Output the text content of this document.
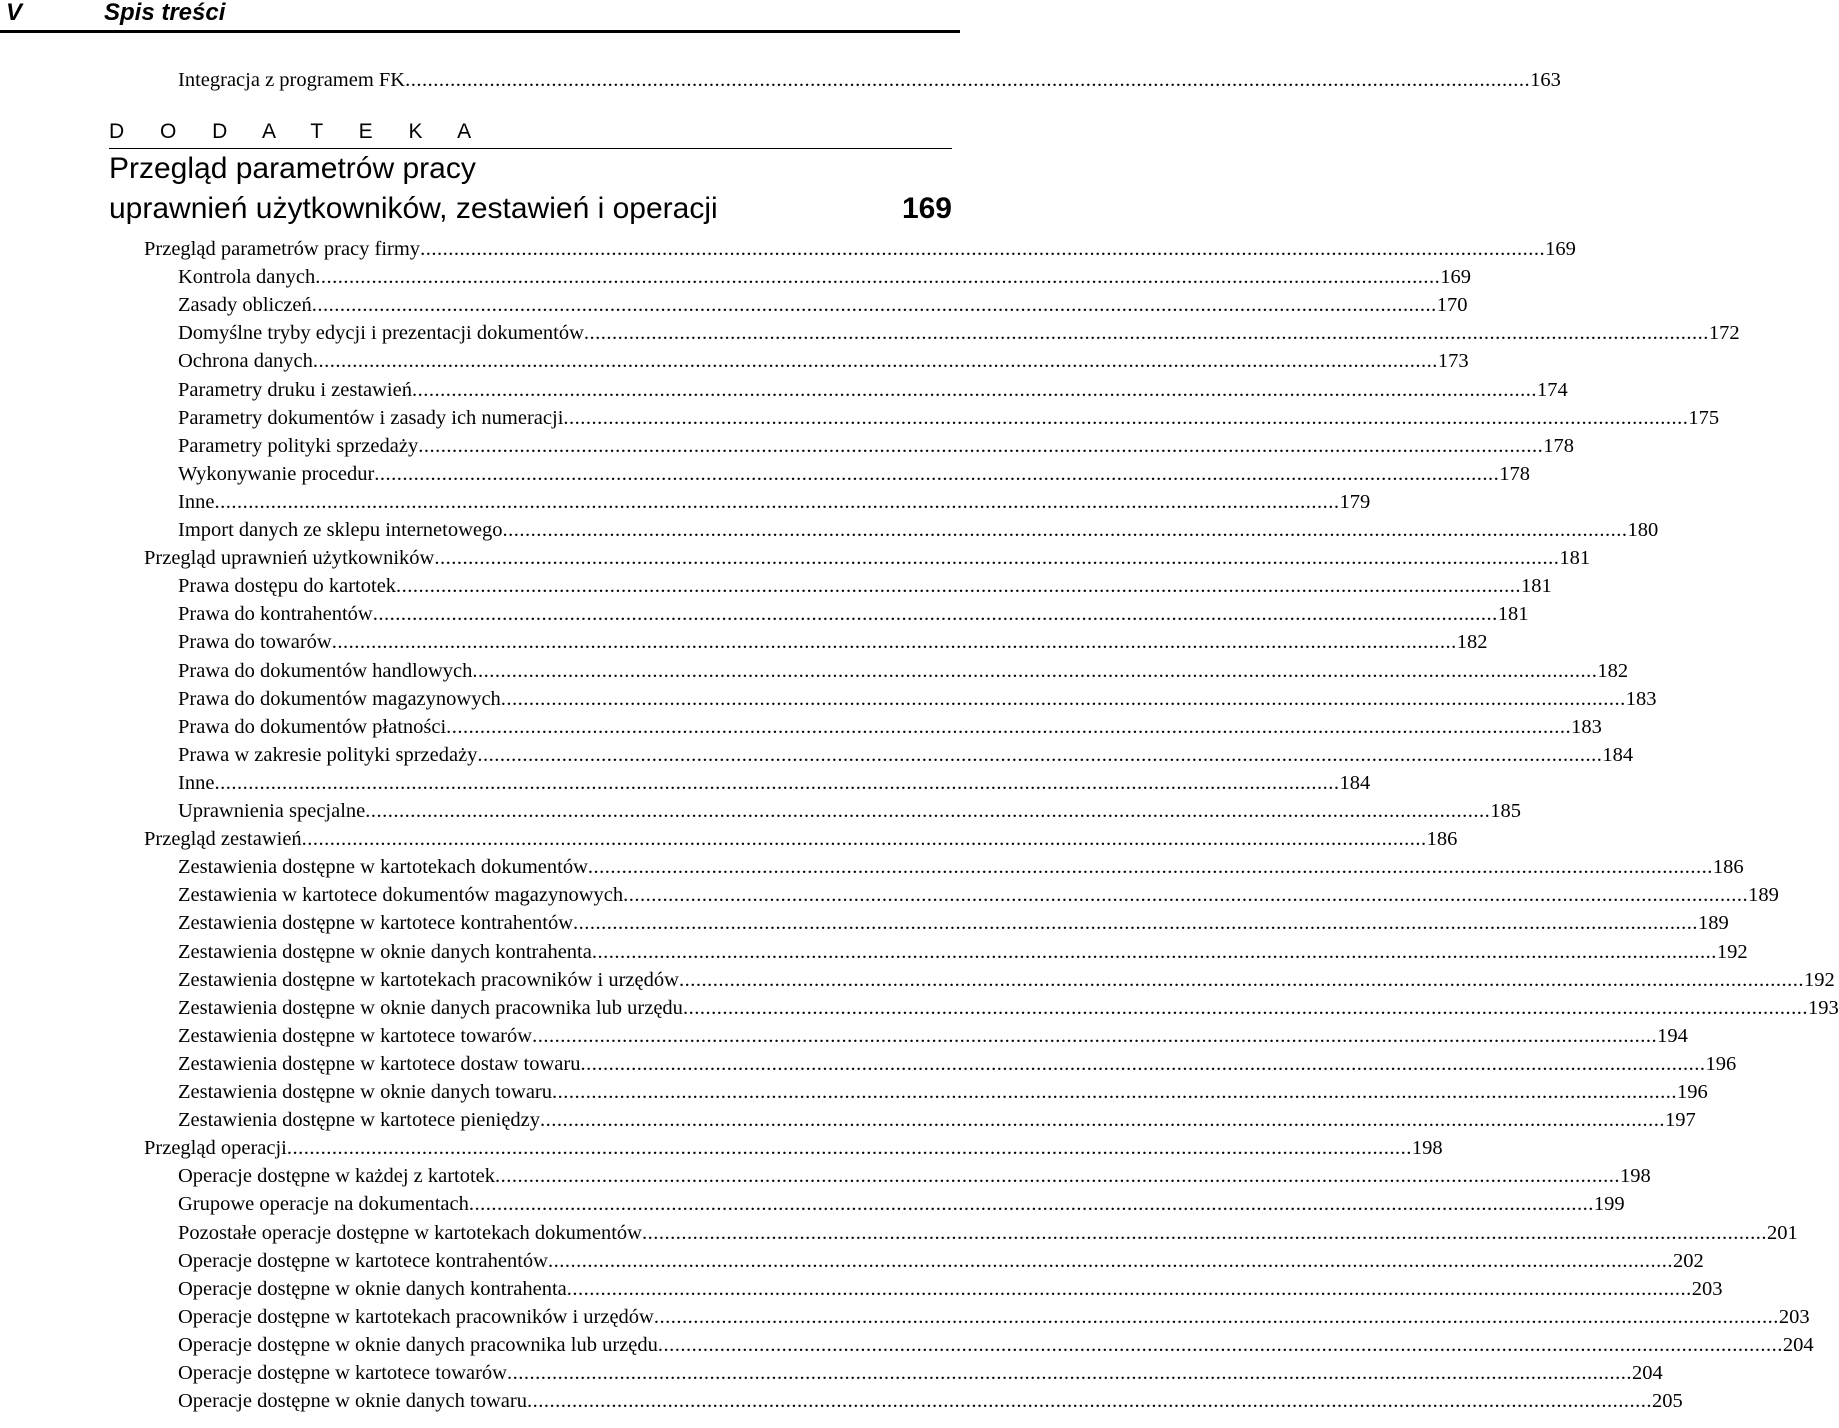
V	Spis treści
Integracja z programem FK ........................................................................................................................................................................................................ 163
D O D A T E K A
Przegląd parametrów pracy
uprawnień użytkowników, zestawień i operacji	169
Przegląd parametrów pracy firmy ........................................................................................................................................................................................................ 169
Kontrola danych ........................................................................................................................................................................................................ 169
Zasady obliczeń ........................................................................................................................................................................................................ 170
Domyślne tryby edycji i prezentacji dokumentów ........................................................................................................................................................................................................ 172
Ochrona danych ........................................................................................................................................................................................................ 173
Parametry druku i zestawień ........................................................................................................................................................................................................ 174
Parametry dokumentów i zasady ich numeracji ........................................................................................................................................................................................................ 175
Parametry polityki sprzedaży ........................................................................................................................................................................................................ 178
Wykonywanie procedur ........................................................................................................................................................................................................ 178
Inne ........................................................................................................................................................................................................ 179
Import danych ze sklepu internetowego ........................................................................................................................................................................................................ 180
Przegląd uprawnień użytkowników ........................................................................................................................................................................................................ 181
Prawa dostępu do kartotek ........................................................................................................................................................................................................ 181
Prawa do kontrahentów ........................................................................................................................................................................................................ 181
Prawa do towarów ........................................................................................................................................................................................................ 182
Prawa do dokumentów handlowych ........................................................................................................................................................................................................ 182
Prawa do dokumentów magazynowych ........................................................................................................................................................................................................ 183
Prawa do dokumentów płatności ........................................................................................................................................................................................................ 183
Prawa w zakresie polityki sprzedaży ........................................................................................................................................................................................................ 184
Inne ........................................................................................................................................................................................................ 184
Uprawnienia specjalne ........................................................................................................................................................................................................ 185
Przegląd zestawień ........................................................................................................................................................................................................ 186
Zestawienia dostępne w kartotekach dokumentów ........................................................................................................................................................................................................ 186
Zestawienia w kartotece dokumentów magazynowych ........................................................................................................................................................................................................ 189
Zestawienia dostępne w kartotece kontrahentów ........................................................................................................................................................................................................ 189
Zestawienia dostępne w oknie danych kontrahenta ........................................................................................................................................................................................................ 192
Zestawienia dostępne w kartotekach pracowników i urzędów ........................................................................................................................................................................................................ 192
Zestawienia dostępne w oknie danych pracownika lub urzędu ........................................................................................................................................................................................................ 193
Zestawienia dostępne w kartotece towarów ........................................................................................................................................................................................................ 194
Zestawienia dostępne w kartotece dostaw towaru ........................................................................................................................................................................................................ 196
Zestawienia dostępne w oknie danych towaru ........................................................................................................................................................................................................ 196
Zestawienia dostępne w kartotece pieniędzy ........................................................................................................................................................................................................ 197
Przegląd operacji ........................................................................................................................................................................................................ 198
Operacje dostępne w każdej z kartotek ........................................................................................................................................................................................................ 198
Grupowe operacje na dokumentach ........................................................................................................................................................................................................ 199
Pozostałe operacje dostępne w kartotekach dokumentów ........................................................................................................................................................................................................ 201
Operacje dostępne w kartotece kontrahentów ........................................................................................................................................................................................................ 202
Operacje dostępne w oknie danych kontrahenta ........................................................................................................................................................................................................ 203
Operacje dostępne w kartotekach pracowników i urzędów ........................................................................................................................................................................................................ 203
Operacje dostępne w oknie danych pracownika lub urzędu ........................................................................................................................................................................................................ 204
Operacje dostępne w kartotece towarów ........................................................................................................................................................................................................ 204
Operacje dostępne w oknie danych towaru ........................................................................................................................................................................................................ 205
